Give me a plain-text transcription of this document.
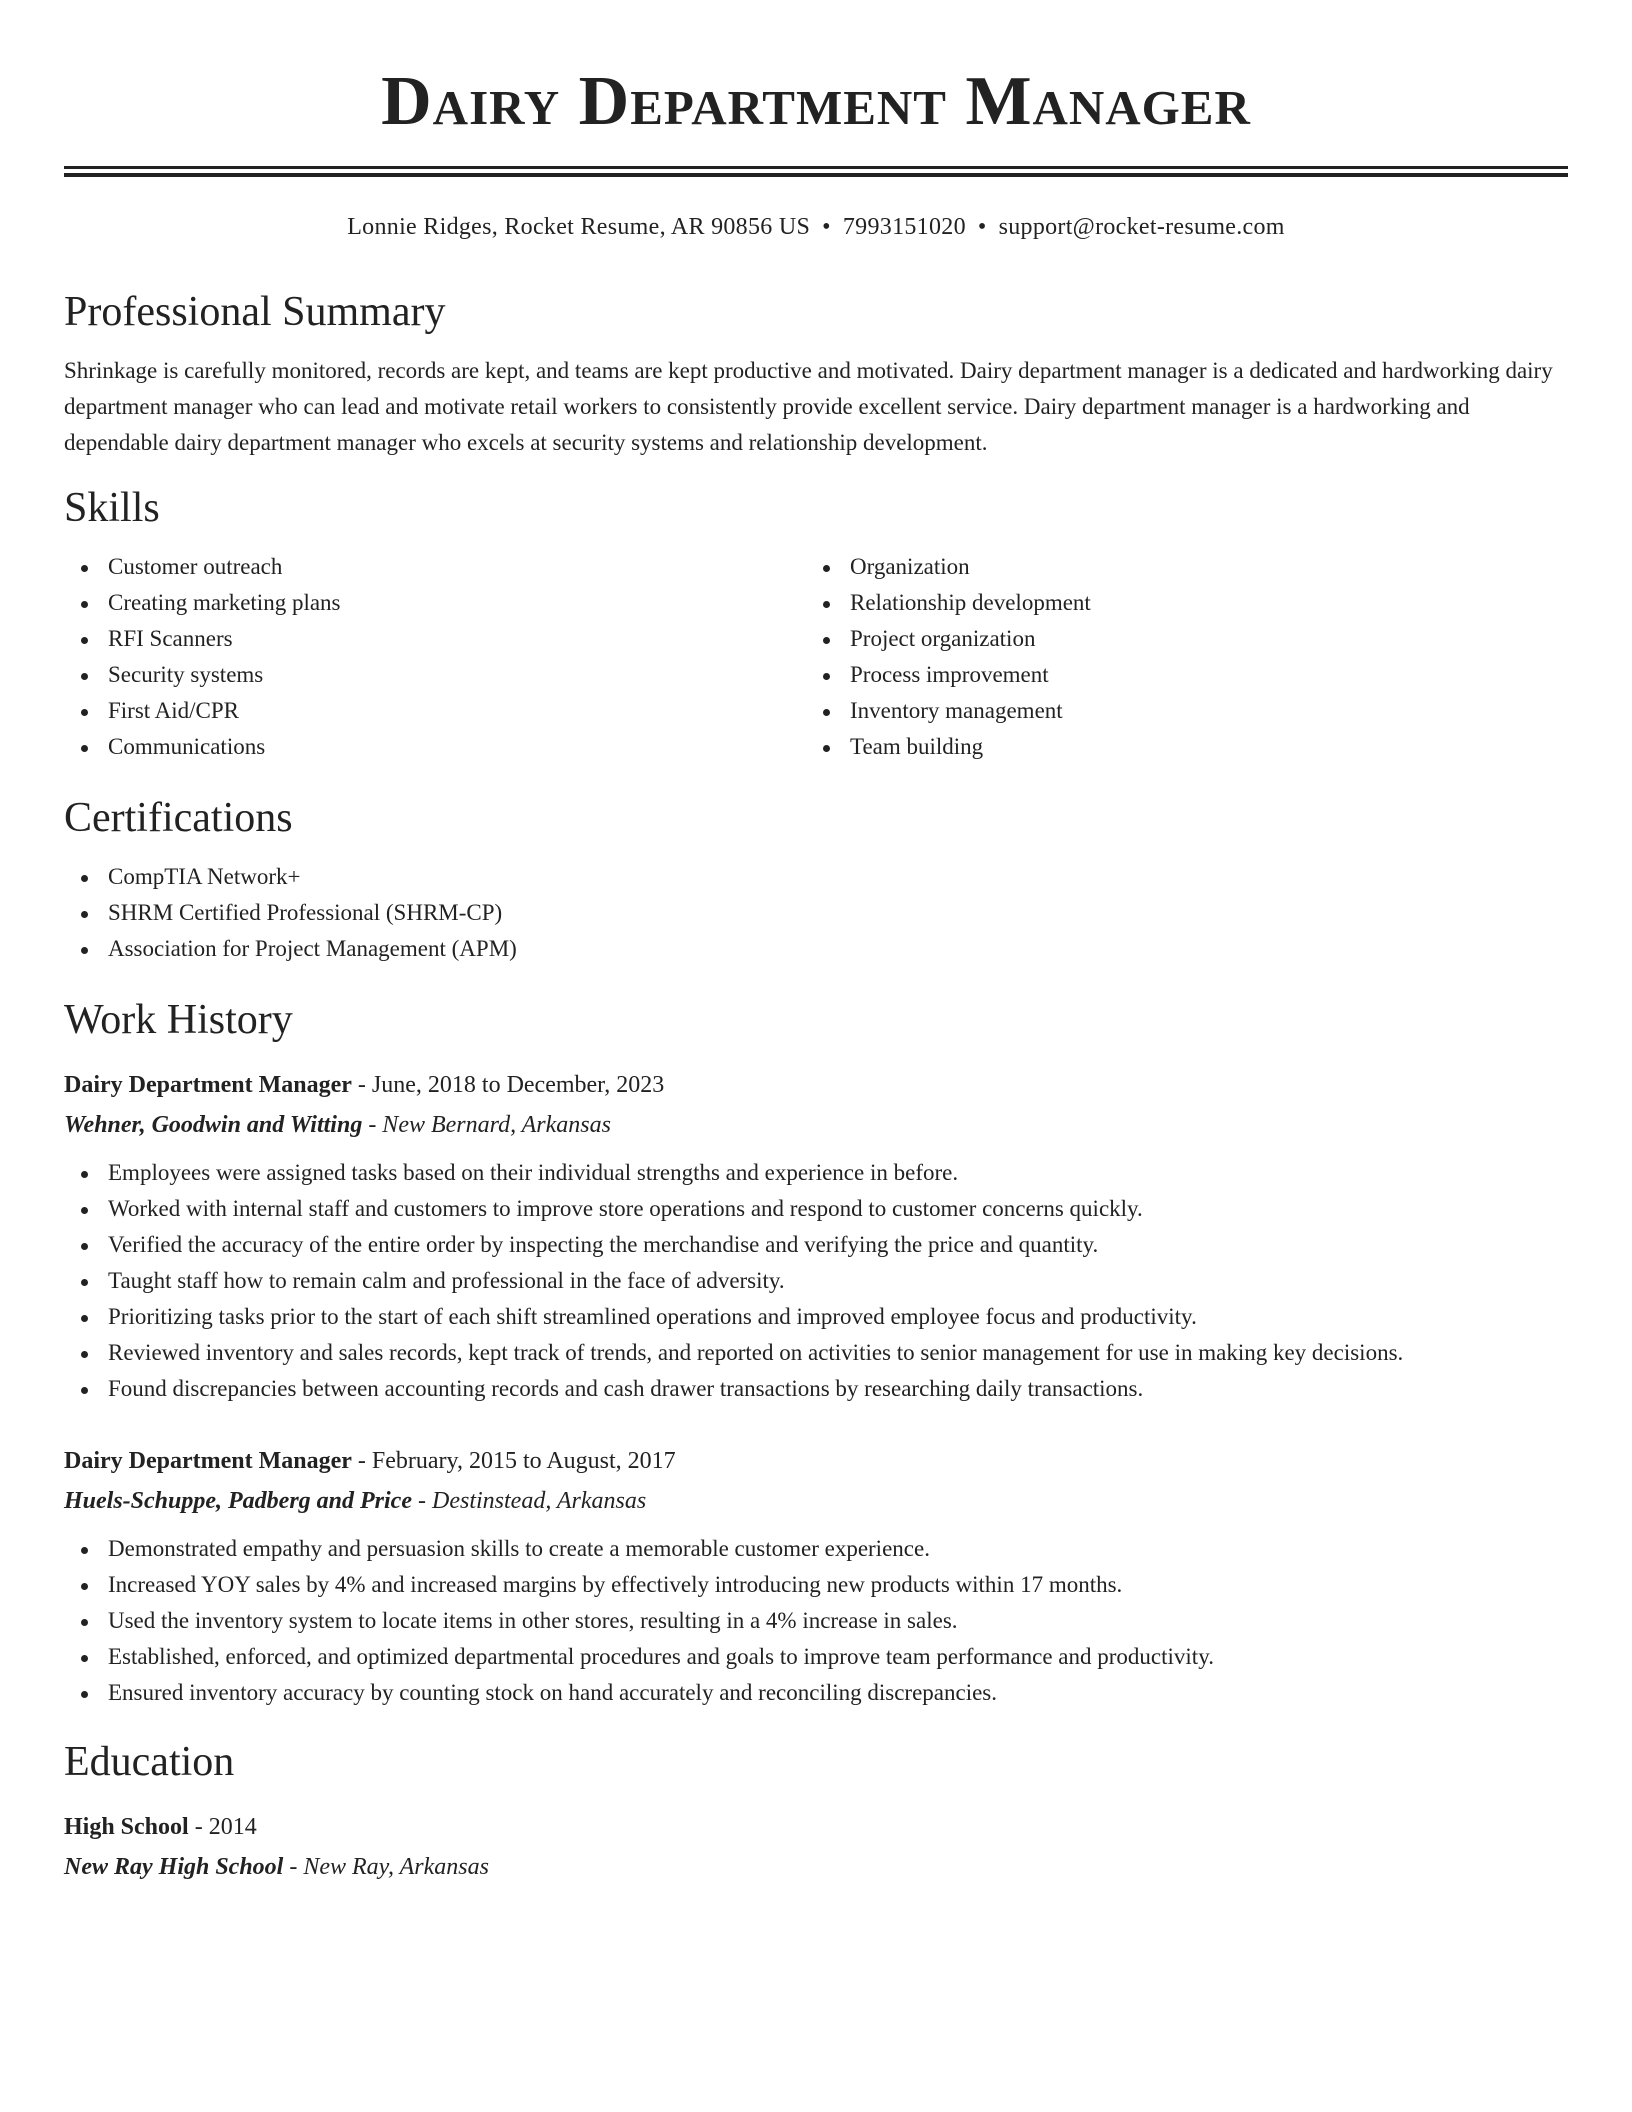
Dairy Department Manager
Lonnie Ridges, Rocket Resume, AR 90856 US • 7993151020 • support@rocket-resume.com
Professional Summary

Shrinkage is carefully monitored, records are kept, and teams are kept productive and motivated. Dairy department manager is a dedicated and hardworking dairy department manager who can lead and motivate retail workers to consistently provide excellent service. Dairy department manager is a hardworking and dependable dairy department manager who excels at security systems and relationship development.

Skills
Customer outreach
Creating marketing plans
RFI Scanners
Security systems
First Aid/CPR
Communications
Organization
Relationship development
Project organization
Process improvement
Inventory management
Team building
Certifications
CompTIA Network+
SHRM Certified Professional (SHRM-CP)
Association for Project Management (APM)
Work History
Dairy Department Manager - June, 2018 to December, 2023
Wehner, Goodwin and Witting - New Bernard, Arkansas
Employees were assigned tasks based on their individual strengths and experience in before.
Worked with internal staff and customers to improve store operations and respond to customer concerns quickly.
Verified the accuracy of the entire order by inspecting the merchandise and verifying the price and quantity.
Taught staff how to remain calm and professional in the face of adversity.
Prioritizing tasks prior to the start of each shift streamlined operations and improved employee focus and productivity.
Reviewed inventory and sales records, kept track of trends, and reported on activities to senior management for use in making key decisions.
Found discrepancies between accounting records and cash drawer transactions by researching daily transactions.
Dairy Department Manager - February, 2015 to August, 2017
Huels-Schuppe, Padberg and Price - Destinstead, Arkansas
Demonstrated empathy and persuasion skills to create a memorable customer experience.
Increased YOY sales by 4% and increased margins by effectively introducing new products within 17 months.
Used the inventory system to locate items in other stores, resulting in a 4% increase in sales.
Established, enforced, and optimized departmental procedures and goals to improve team performance and productivity.
Ensured inventory accuracy by counting stock on hand accurately and reconciling discrepancies.
Education
High School - 2014
New Ray High School - New Ray, Arkansas
